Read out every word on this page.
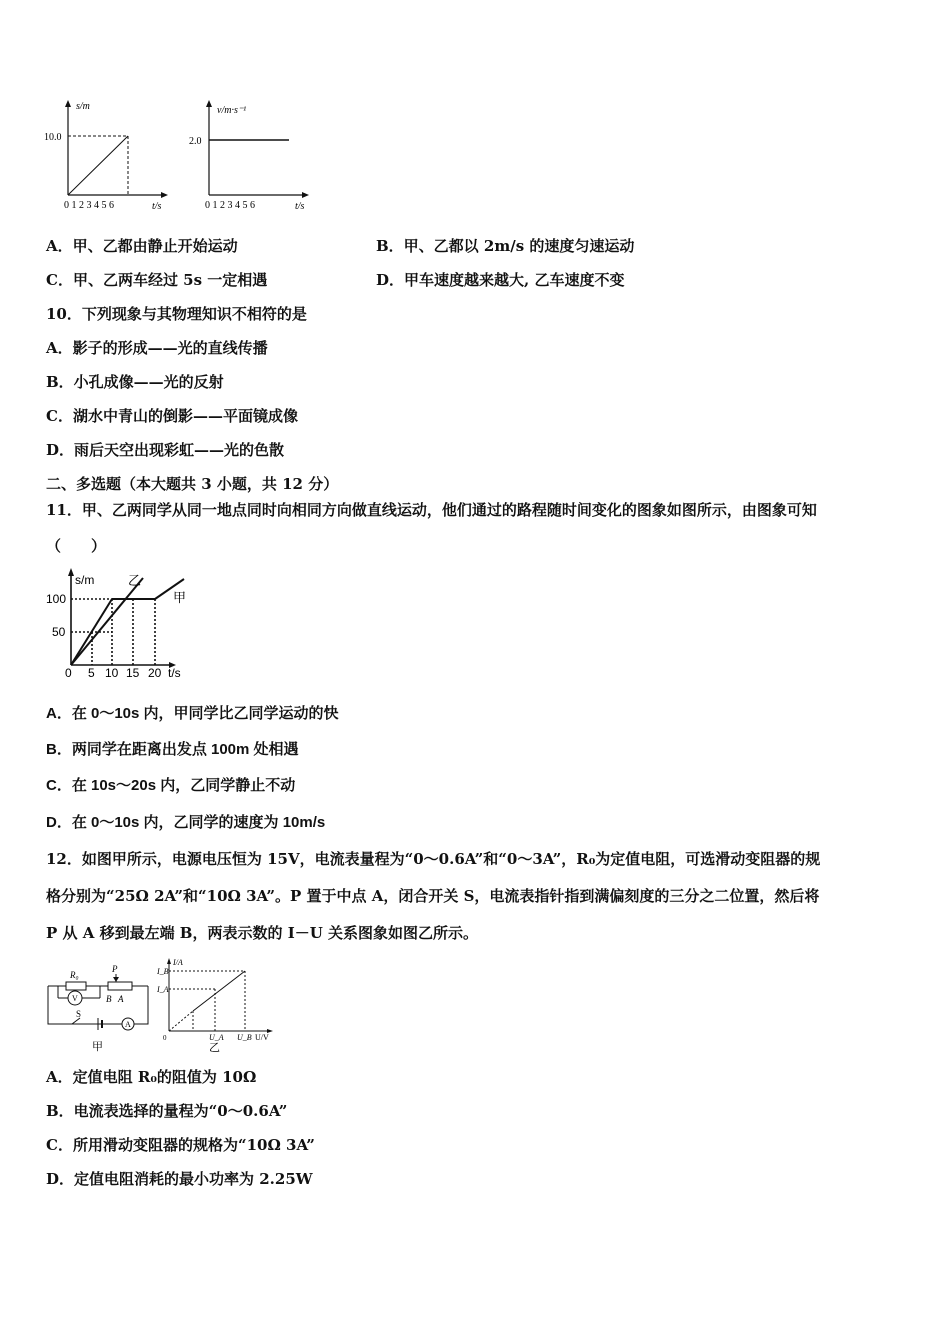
s/m
10.0
0 1 2 3 4 5 6	t/s
v/m·s⁻¹
2.0
0 1 2 3 4 5 6	t/s
A．甲、乙都由静止开始运动	B．甲、乙都以 2m/s 的速度匀速运动
C．甲、乙两车经过 5s 一定相遇	D．甲车速度越来越大, 乙车速度不变
10．下列现象与其物理知识不相符的是
A．影子的形成——光的直线传播
B．小孔成像——光的反射
C．湖水中青山的倒影——平面镜成像
D．雨后天空出现彩虹——光的色散
二、多选题（本大题共 3 小题，共 12 分）
11．甲、乙两同学从同一地点同时向相同方向做直线运动，他们通过的路程随时间变化的图象如图所示，由图象可知
（　　）
s/m	乙
甲
100
50
0 5 10 15 20 t/s
A．在 0～10s 内，甲同学比乙同学运动的快
B．两同学在距离出发点 100m 处相遇
C．在 10s～20s 内，乙同学静止不动
D．在 0～10s 内，乙同学的速度为 10m/s
12．如图甲所示，电源电压恒为 15V，电流表量程为“0～0.6A”和“0～3A”，R₀为定值电阻，可选滑动变阻器的规
格分别为“25Ω 2A”和“10Ω 3A”。P 置于中点 A，闭合开关 S，电流表指针指到满偏刻度的三分之二位置，然后将
P 从 A 移到最左端 B，两表示数的 I－U 关系图象如图乙所示。
R₀
P
B A
V
S
A
甲
I/A
I_B
I_A
0	U_A U_B U/V
乙
A．定值电阻 R₀的阻值为 10Ω
B．电流表选择的量程为“0～0.6A”
C．所用滑动变阻器的规格为“10Ω 3A”
D．定值电阻消耗的最小功率为 2.25W
